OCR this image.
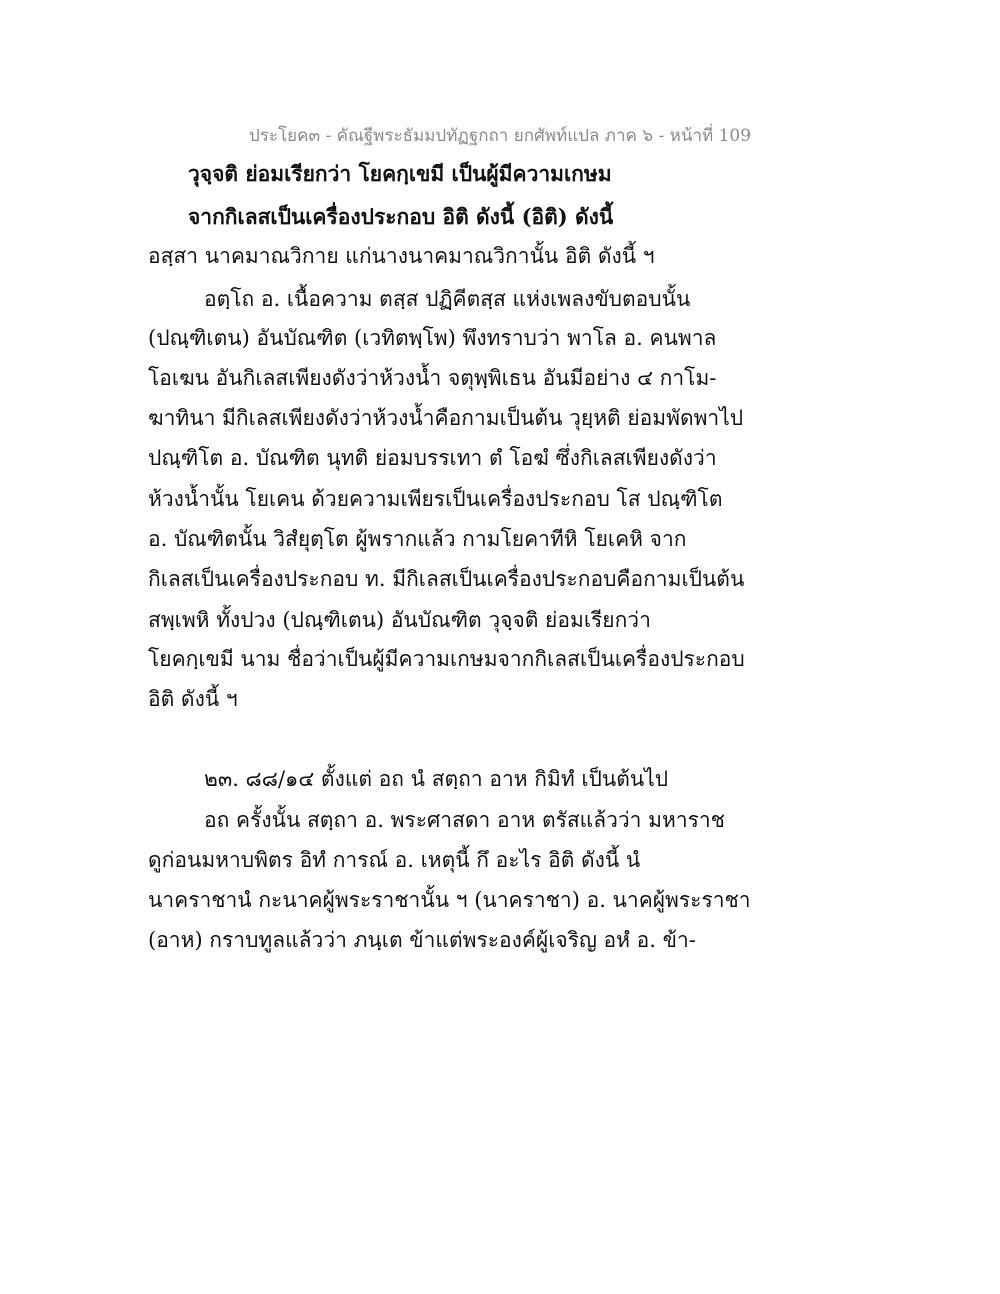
ประโยค๓ - คัณฐีพระธัมมปทัฏฐกถา ยกศัพท์แปล ภาค ๖ - หน้าที่ 109
วุจฺจติ ย่อมเรียกว่า โยคกฺเขมี เป็นผู้มีความเกษม
จากกิเลสเป็นเครื่องประกอบ อิติ ดังนี้ (อิติ) ดังนี้
อสฺสา นาคมาณวิกาย แก่นางนาคมาณวิกานั้น อิติ ดังนี้ ฯ
อตฺโถ อ. เนื้อความ ตสฺส ปฏิคีตสฺส แห่งเพลงขับตอบนั้น
(ปณฺฑิเตน) อันบัณฑิต (เวทิตพฺโพ) พึงทราบว่า พาโล อ. คนพาล
โอเฆน อันกิเลสเพียงดังว่าห้วงน้ำ จตุพฺพิเธน อันมีอย่าง ๔ กาโม-
ฆาทินา มีกิเลสเพียงดังว่าห้วงน้ำคือกามเป็นต้น วุยฺหติ ย่อมพัดพาไป
ปณฺฑิโต อ. บัณฑิต นุทติ ย่อมบรรเทา ตํ โอฆํ ซึ่งกิเลสเพียงดังว่า
ห้วงน้ำนั้น โยเคน ด้วยความเพียรเป็นเครื่องประกอบ โส ปณฺฑิโต
อ. บัณฑิตนั้น วิสํยุตฺโต ผู้พรากแล้ว กามโยคาทีหิ โยเคหิ จาก
กิเลสเป็นเครื่องประกอบ ท. มีกิเลสเป็นเครื่องประกอบคือกามเป็นต้น
สพฺเพหิ ทั้งปวง (ปณฺฑิเตน) อันบัณฑิต วุจฺจติ ย่อมเรียกว่า
โยคกฺเขมี นาม ชื่อว่าเป็นผู้มีความเกษมจากกิเลสเป็นเครื่องประกอบ
อิติ ดังนี้ ฯ
๒๓. ๘๘/๑๔ ตั้งแต่ อถ นํ สตฺถา อาห กิมิทํ เป็นต้นไป
อถ ครั้งนั้น สตฺถา อ. พระศาสดา อาห ตรัสแล้วว่า มหาราช
ดูก่อนมหาบพิตร อิทํ การณ์ อ. เหตุนี้ กึ อะไร อิติ ดังนี้ นํ
นาคราชานํ กะนาคผู้พระราชานั้น ฯ (นาคราชา) อ. นาคผู้พระราชา
(อาห) กราบทูลแล้วว่า ภนฺเต ข้าแต่พระองค์ผู้เจริญ อหํ อ. ข้า-
